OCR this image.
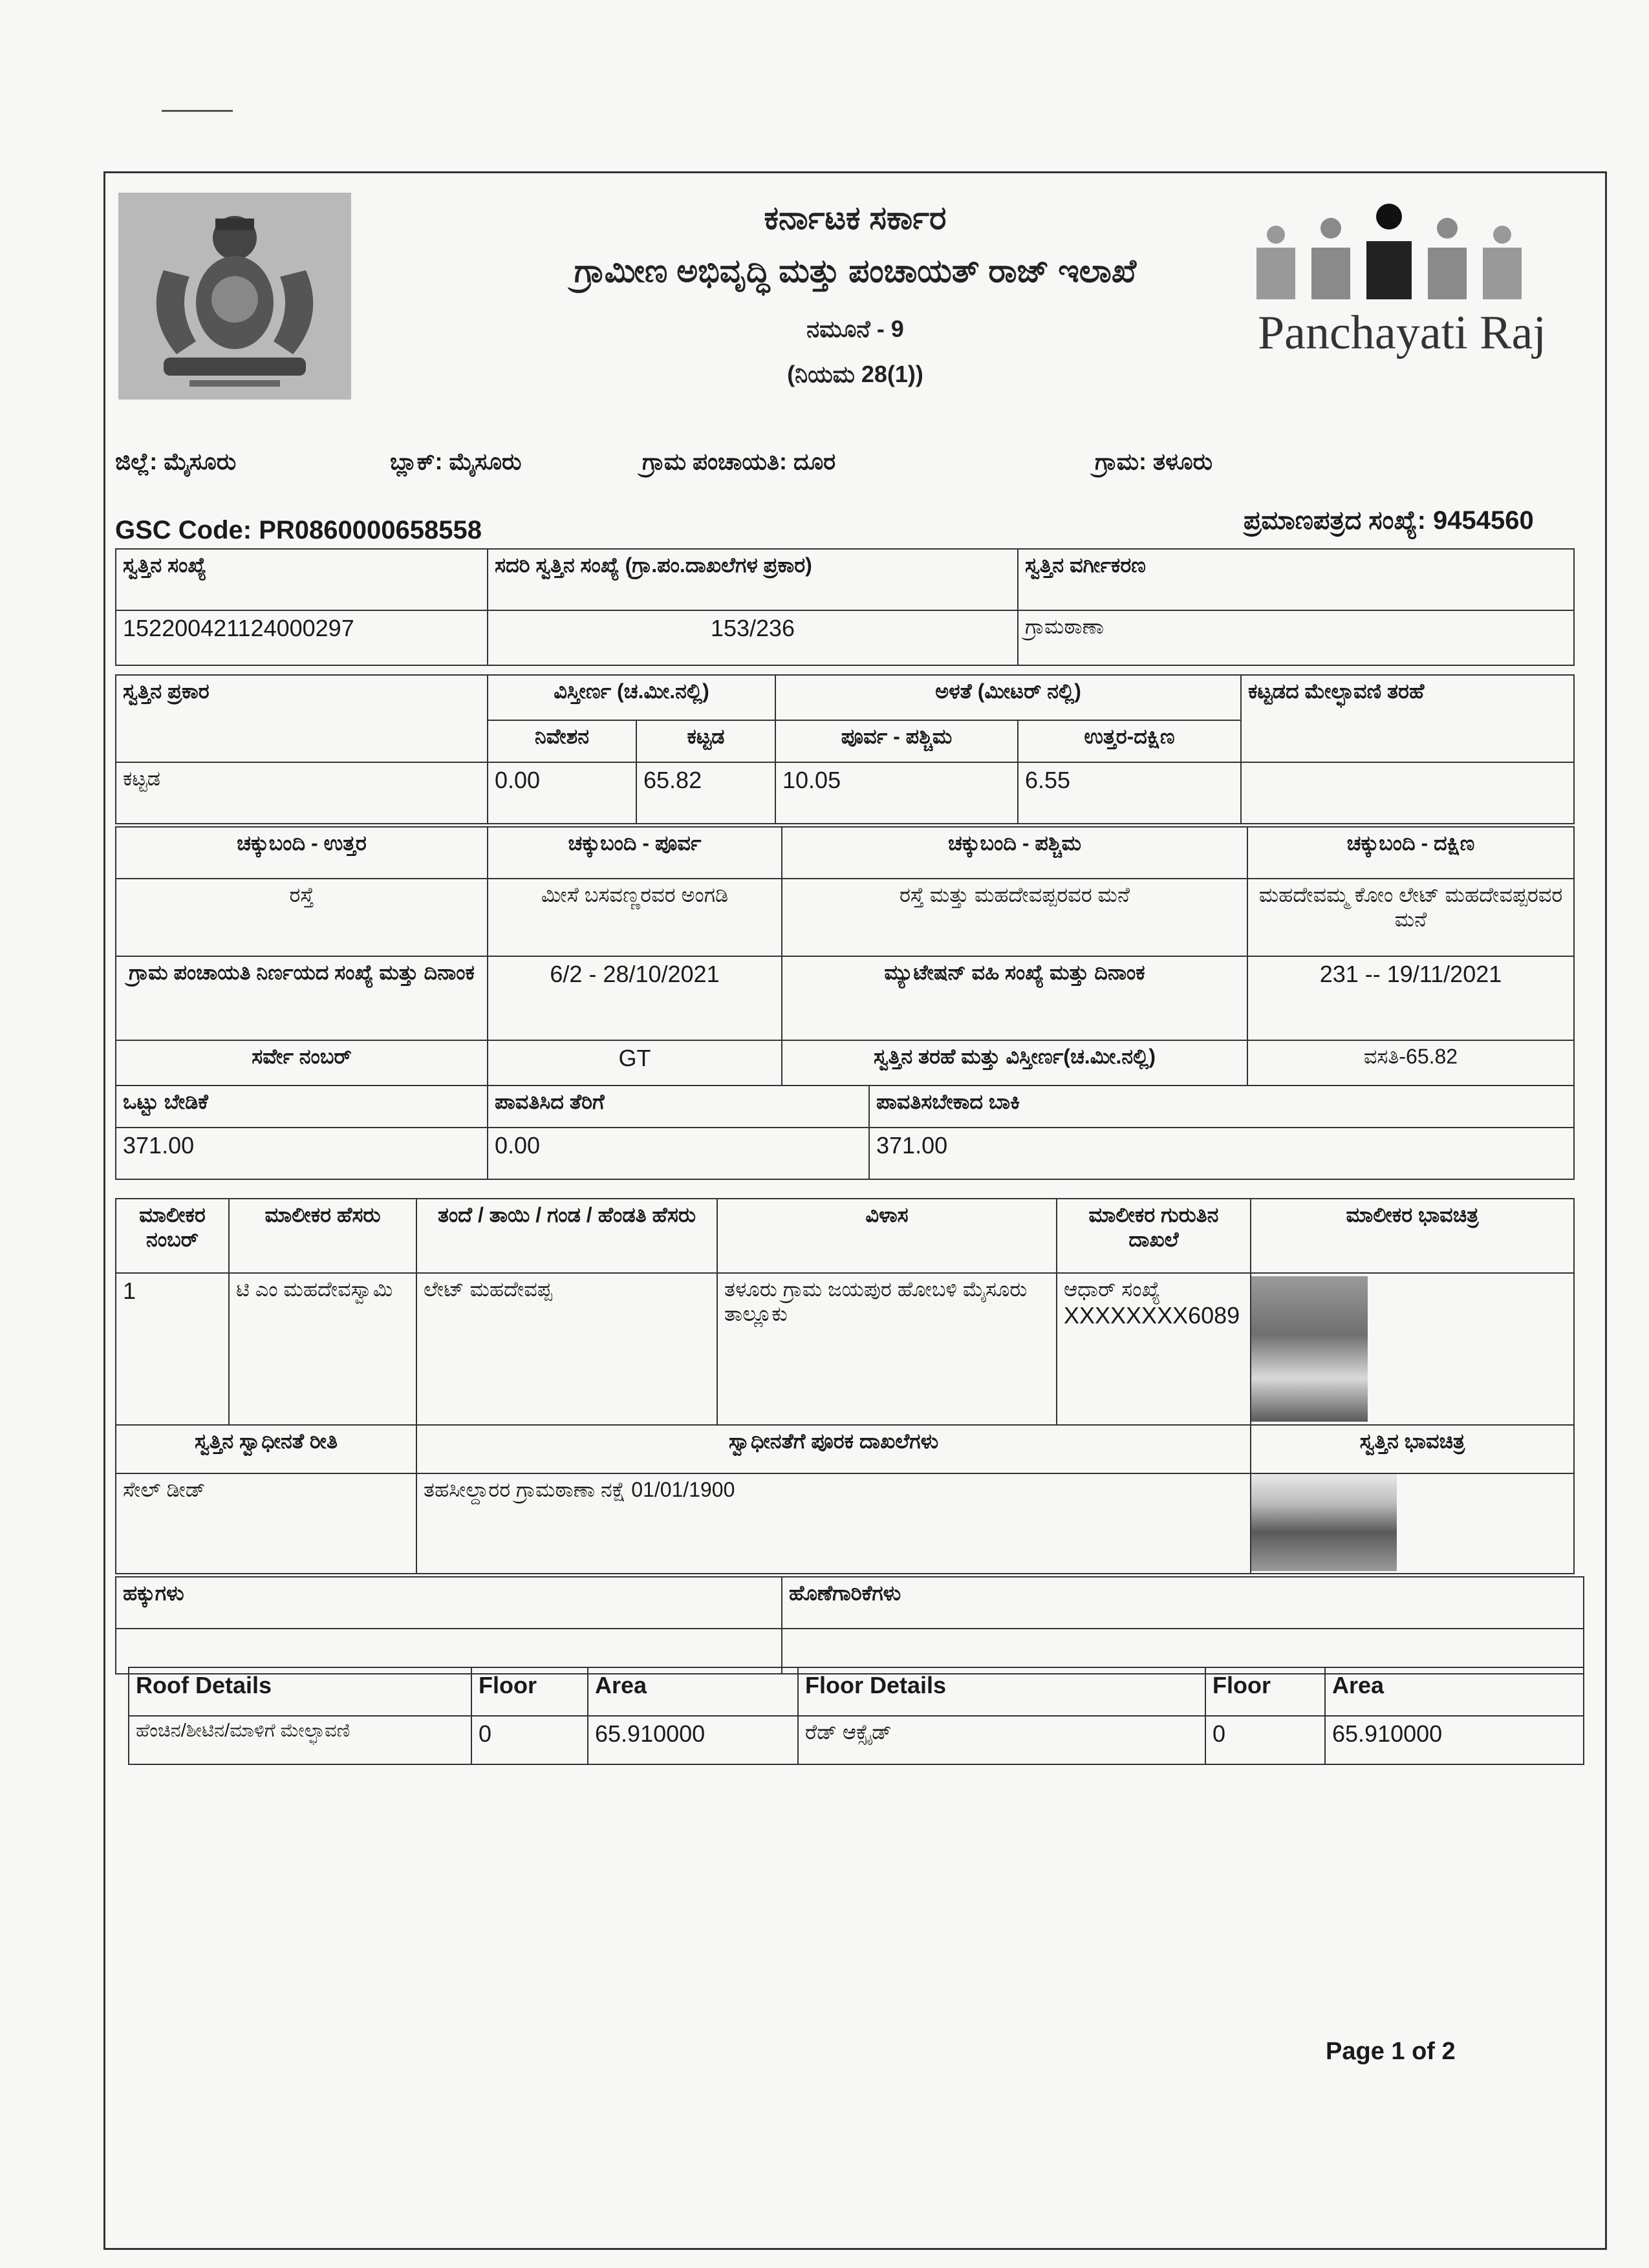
ಕರ್ನಾಟಕ ಸರ್ಕಾರ
ಗ್ರಾಮೀಣ ಅಭಿವೃದ್ಧಿ ಮತ್ತು ಪಂಚಾಯತ್ ರಾಜ್ ಇಲಾಖೆ
ನಮೂನೆ - 9
(ನಿಯಮ 28(1))
Panchayati Raj
ಜಿಲ್ಲೆ: ಮೈಸೂರು	ಬ್ಲಾಕ್: ಮೈಸೂರು	ಗ್ರಾಮ ಪಂಚಾಯತಿ: ದೂರ	ಗ್ರಾಮ: ತಳೂರು
GSC Code: PR0860000658558	ಪ್ರಮಾಣಪತ್ರದ ಸಂಖ್ಯೆ: 9454560
ಸ್ವತ್ತಿನ ಸಂಖ್ಯೆ	ಸದರಿ ಸ್ವತ್ತಿನ ಸಂಖ್ಯೆ (ಗ್ರಾ.ಪಂ.ದಾಖಲೆಗಳ ಪ್ರಕಾರ)	ಸ್ವತ್ತಿನ ವರ್ಗೀಕರಣ
152200421124000297	153/236	ಗ್ರಾಮಠಾಣಾ
ಸ್ವತ್ತಿನ ಪ್ರಕಾರ	ವಿಸ್ತೀರ್ಣ (ಚ.ಮೀ.ನಲ್ಲಿ)		ಅಳತೆ (ಮೀಟರ್ ನಲ್ಲಿ)		ಕಟ್ಟಡದ ಮೇಲ್ಛಾವಣಿ ತರಹೆ
	ನಿವೇಶನ	ಕಟ್ಟಡ	ಪೂರ್ವ - ಪಶ್ಚಿಮ	ಉತ್ತರ-ದಕ್ಷಿಣ	
ಕಟ್ಟಡ	0.00	65.82	10.05	6.55	
ಚಕ್ಕುಬಂದಿ - ಉತ್ತರ	ಚಕ್ಕುಬಂದಿ - ಪೂರ್ವ	ಚಕ್ಕುಬಂದಿ - ಪಶ್ಚಿಮ	ಚಕ್ಕುಬಂದಿ - ದಕ್ಷಿಣ
ರಸ್ತೆ	ಮೀಸೆ ಬಸವಣ್ಣರವರ ಅಂಗಡಿ	ರಸ್ತೆ ಮತ್ತು ಮಹದೇವಪ್ಪರವರ ಮನೆ	ಮಹದೇವಮ್ಮ ಕೋಂ ಲೇಟ್ ಮಹದೇವಪ್ಪರವರ ಮನೆ
ಗ್ರಾಮ ಪಂಚಾಯತಿ ನಿರ್ಣಯದ ಸಂಖ್ಯೆ ಮತ್ತು ದಿನಾಂಕ	6/2 - 28/10/2021	ಮ್ಯುಟೇಷನ್ ವಹಿ ಸಂಖ್ಯೆ ಮತ್ತು ದಿನಾಂಕ	231 -- 19/11/2021
ಸರ್ವೇ ನಂಬರ್	GT	ಸ್ವತ್ತಿನ ತರಹೆ ಮತ್ತು ವಿಸ್ತೀರ್ಣ(ಚ.ಮೀ.ನಲ್ಲಿ)	ವಸತಿ-65.82
ಒಟ್ಟು ಬೇಡಿಕೆ	ಪಾವತಿಸಿದ ತೆರಿಗೆ	ಪಾವತಿಸಬೇಕಾದ ಬಾಕಿ
371.00	0.00	371.00
ಮಾಲೀಕರ ನಂಬರ್	ಮಾಲೀಕರ ಹೆಸರು	ತಂದೆ / ತಾಯಿ / ಗಂಡ / ಹೆಂಡತಿ ಹೆಸರು	ವಿಳಾಸ	ಮಾಲೀಕರ ಗುರುತಿನ ದಾಖಲೆ	ಮಾಲೀಕರ ಭಾವಚಿತ್ರ
1	ಟಿ ಎಂ ಮಹದೇವಸ್ವಾಮಿ	ಲೇಟ್ ಮಹದೇವಪ್ಪ	ತಳೂರು ಗ್ರಾಮ ಜಯಪುರ ಹೋಬಳಿ ಮೈಸೂರು ತಾಲ್ಲೂಕು	ಆಧಾರ್ ಸಂಖ್ಯೆ
XXXXXXXX6089	

ಸ್ವತ್ತಿನ ಸ್ವಾಧೀನತೆ ರೀತಿ	ಸ್ವಾಧೀನತೆಗೆ ಪೂರಕ ದಾಖಲೆಗಳು	ಸ್ವತ್ತಿನ ಭಾವಚಿತ್ರ
ಸೇಲ್ ಡೀಡ್	ತಹಸೀಲ್ದಾರರ ಗ್ರಾಮಠಾಣಾ ನಕ್ಷೆ 01/01/1900	
ಹಕ್ಕುಗಳು	ಹೊಣೆಗಾರಿಕೆಗಳು

Roof Details	Floor	Area	Floor Details	Floor	Area
ಹೆಂಚಿನ/ಶೀಟಿನ/ಮಾಳಿಗೆ ಮೇಲ್ಛಾವಣಿ	0	65.910000	ರೆಡ್ ಆಕ್ಸೈಡ್	0	65.910000
Page 1 of 2
